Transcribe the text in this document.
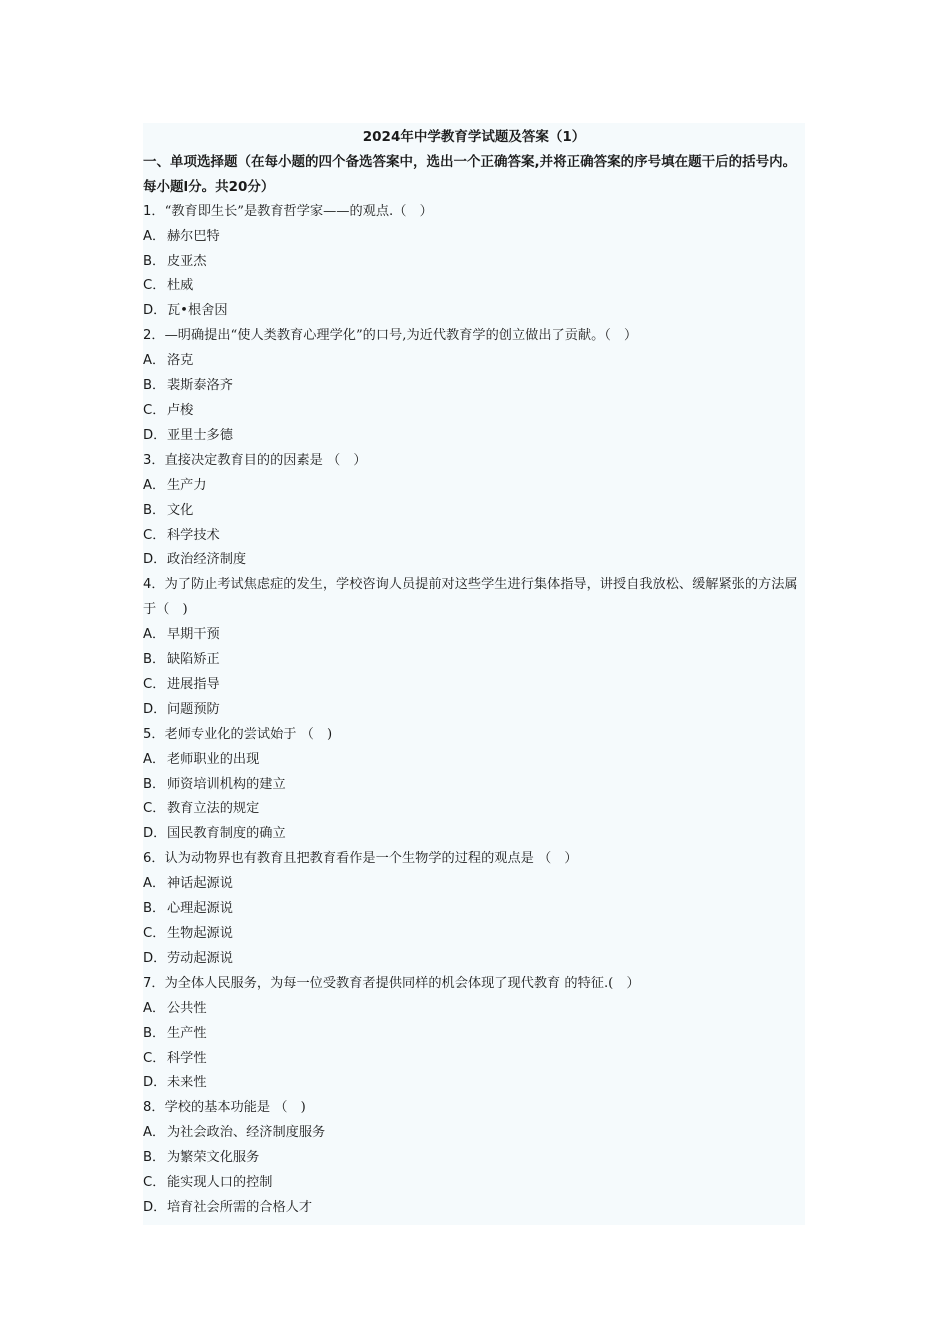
2024年中学教育学试题及答案（1）

一、单项选择题（在每小题的四个备选答案中，选出一个正确答案,并将正确答案的序号填在题干后的括号内。每小题l分。共20分）

1．“教育即生长”是教育哲学家——的观点.（　）

A． 赫尔巴特

B． 皮亚杰

C． 杜威

D．瓦•根舍因

2．—明确提出“使人类教育心理学化”的口号,为近代教育学的创立做出了贡献。（　）

A． 洛克

B． 裴斯泰洛齐

C． 卢梭

D．亚里士多德

3．直接决定教育目的的因素是 （　）

A． 生产力

B． 文化

C． 科学技术

D．政治经济制度

4．为了防止考试焦虑症的发生，学校咨询人员提前对这些学生进行集体指导，讲授自我放松、缓解紧张的方法属于（　)

A． 早期干预

B． 缺陷矫正

C． 进展指导

D．问题预防

5．老师专业化的尝试始于 （　)

A． 老师职业的出现

B． 师资培训机构的建立

C． 教育立法的规定

D．国民教育制度的确立

6．认为动物界也有教育且把教育看作是一个生物学的过程的观点是 （　）

A． 神话起源说

B． 心理起源说

C． 生物起源说

D．劳动起源说

7．为全体人民服务，为每一位受教育者提供同样的机会体现了现代教育 的特征.(　）

A． 公共性

B． 生产性

C． 科学性

D．未来性

8．学校的基本功能是 （　)

A． 为社会政治、经济制度服务

B． 为繁荣文化服务

C． 能实现人口的控制

D．培育社会所需的合格人才
